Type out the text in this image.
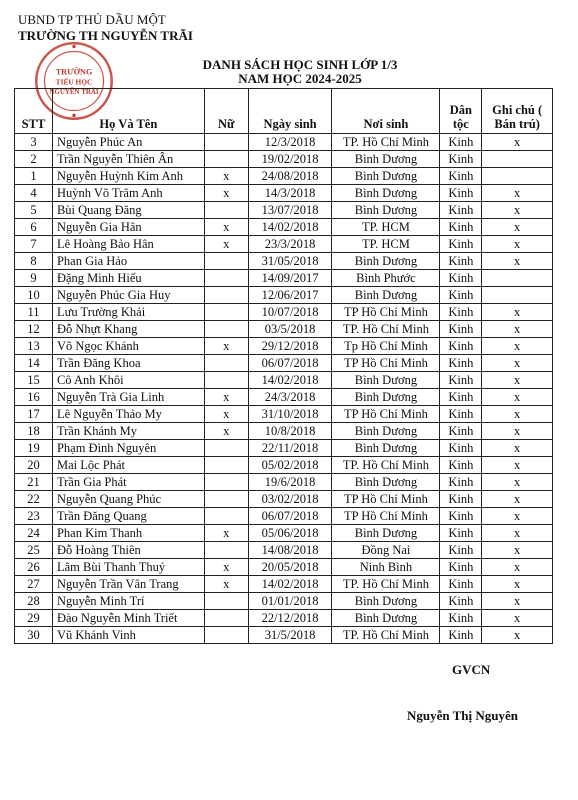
UBND TP THỦ DẦU MỘT
TRƯỜNG TH NGUYỄN TRÃI
TRƯỜNG
TIỂU HỌC
NGUYỄN TRÃI
DANH SÁCH HỌC SINH LỚP 1/3
NAM HỌC 2024-2025
STT	Họ Và Tên	Nữ	Ngày sinh	Nơi sinh	Dân tộc	Ghi chú ( Bán trú)
3	Nguyễn Phúc An		12/3/2018	TP. Hồ Chí Minh	Kinh	x
2	Trần Nguyễn Thiên Ân		19/02/2018	Bình Dương	Kinh	
1	Nguyễn Huỳnh Kim Anh	x	24/08/2018	Bình Dương	Kinh	
4	Huỳnh Võ Trâm Anh	x	14/3/2018	Bình Dương	Kinh	x
5	Bùi Quang Đăng		13/07/2018	Bình Dương	Kinh	x
6	Nguyễn Gia Hân	x	14/02/2018	TP. HCM	Kinh	x
7	Lê Hoàng Bảo Hân	x	23/3/2018	TP. HCM	Kinh	x
8	Phan Gia Hảo		31/05/2018	Bình Dương	Kinh	x
9	Đặng Minh Hiếu		14/09/2017	Bình Phước	Kinh	
10	Nguyễn Phúc Gia Huy		12/06/2017	Bình Dương	Kinh	
11	Lưu Trường Khải		10/07/2018	TP Hồ Chí Minh	Kinh	x
12	Đỗ Nhựt Khang		03/5/2018	TP. Hồ Chí Minh	Kinh	x
13	Võ Ngọc Khánh	x	29/12/2018	Tp Hồ Chí Minh	Kinh	x
14	Trần Đăng Khoa		06/07/2018	TP Hồ Chí Minh	Kinh	x
15	Cô Anh Khôi		14/02/2018	Bình Dương	Kinh	x
16	Nguyễn Trà Gia Linh	x	24/3/2018	Bình Dương	Kinh	x
17	Lê Nguyễn Thảo My	x	31/10/2018	TP Hồ Chí Minh	Kinh	x
18	Trần Khánh My	x	10/8/2018	Bình Dương	Kinh	x
19	Phạm Đình Nguyên		22/11/2018	Bình Dương	Kinh	x
20	Mai Lộc Phát		05/02/2018	TP. Hồ Chí Minh	Kinh	x
21	Trần Gia Phát		19/6/2018	Bình Dương	Kinh	x
22	Nguyễn Quang Phúc		03/02/2018	TP Hồ Chí Minh	Kinh	x
23	Trần Đăng Quang		06/07/2018	TP Hồ Chí Minh	Kinh	x
24	Phan Kim Thanh	x	05/06/2018	Bình Dương	Kinh	x
25	Đỗ Hoàng Thiên		14/08/2018	Đồng Nai	Kinh	x
26	Lâm Bùi Thanh Thuý	x	20/05/2018	Ninh Bình	Kinh	x
27	Nguyễn Trần Vân Trang	x	14/02/2018	TP. Hồ Chí Minh	Kinh	x
28	Nguyễn Minh Trí		01/01/2018	Bình Dương	Kinh	x
29	Đào Nguyễn Minh Triết		22/12/2018	Bình Dương	Kinh	x
30	Vũ Khánh Vinh		31/5/2018	TP. Hồ Chí Minh	Kinh	x
GVCN
Nguyễn Thị Nguyên
